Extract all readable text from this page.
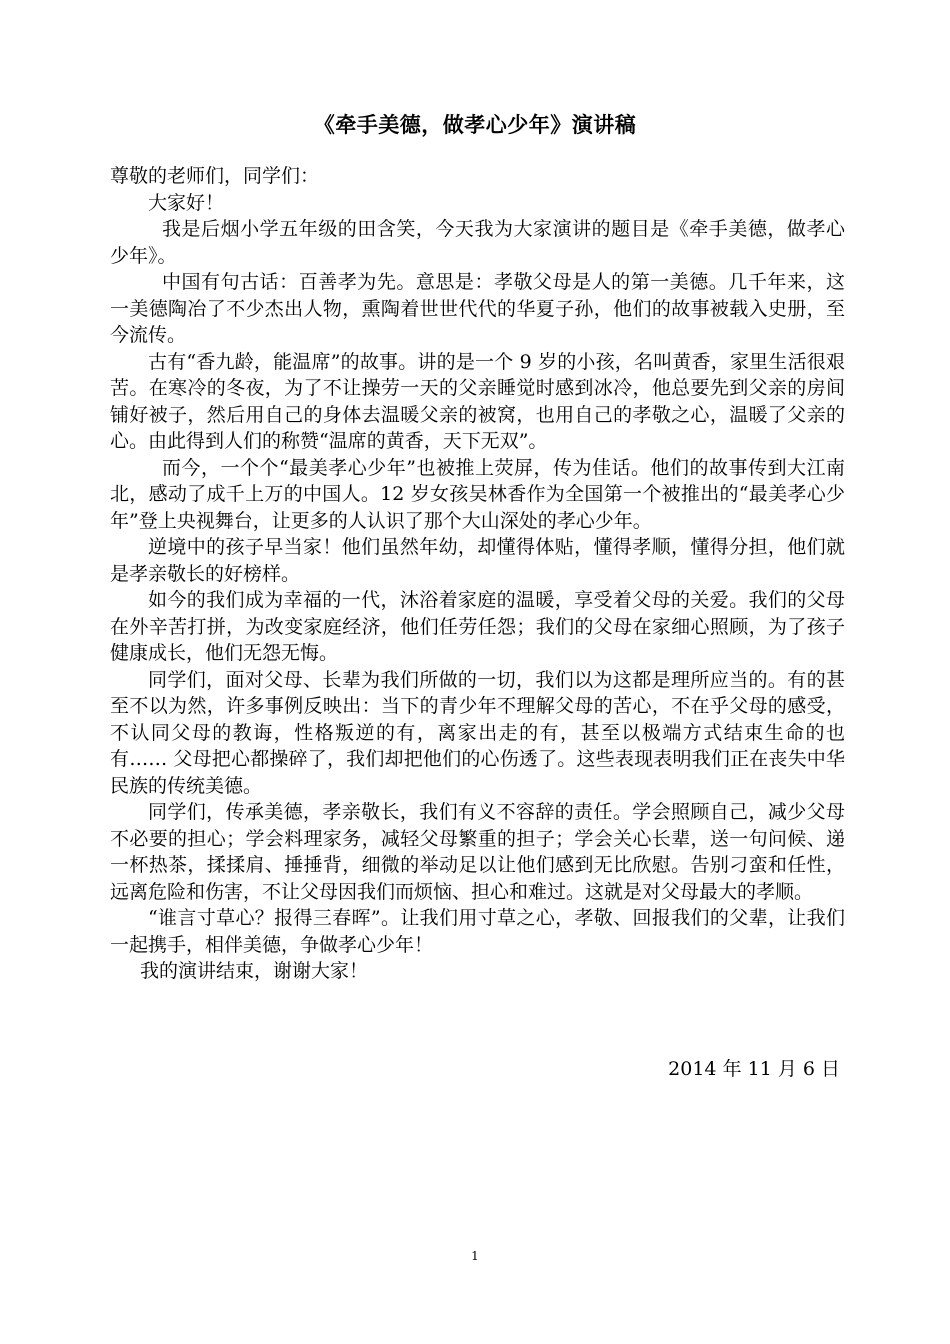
《牵手美德，做孝心少年》演讲稿

尊敬的老师们，同学们：

大家好！

我是后烟小学五年级的田含笑，今天我为大家演讲的题目是《牵手美德，做孝心少年》。

中国有句古话：百善孝为先。意思是：孝敬父母是人的第一美德。几千年来，这一美德陶冶了不少杰出人物，熏陶着世世代代的华夏子孙，他们的故事被载入史册，至今流传。

古有“香九龄，能温席”的故事。讲的是一个 9 岁的小孩，名叫黄香，家里生活很艰苦。在寒冷的冬夜，为了不让操劳一天的父亲睡觉时感到冰冷，他总要先到父亲的房间铺好被子，然后用自己的身体去温暖父亲的被窝，也用自己的孝敬之心，温暖了父亲的心。由此得到人们的称赞“温席的黄香，天下无双”。

而今，一个个“最美孝心少年”也被推上荧屏，传为佳话。他们的故事传到大江南北，感动了成千上万的中国人。12 岁女孩吴林香作为全国第一个被推出的“最美孝心少年”登上央视舞台，让更多的人认识了那个大山深处的孝心少年。

逆境中的孩子早当家！他们虽然年幼，却懂得体贴，懂得孝顺，懂得分担，他们就是孝亲敬长的好榜样。

如今的我们成为幸福的一代，沐浴着家庭的温暖，享受着父母的关爱。我们的父母在外辛苦打拼，为改变家庭经济，他们任劳任怨；我们的父母在家细心照顾，为了孩子健康成长，他们无怨无悔。

同学们，面对父母、长辈为我们所做的一切，我们以为这都是理所应当的。有的甚至不以为然，许多事例反映出：当下的青少年不理解父母的苦心，不在乎父母的感受，不认同父母的教诲，性格叛逆的有，离家出走的有，甚至以极端方式结束生命的也有…… 父母把心都操碎了，我们却把他们的心伤透了。这些表现表明我们正在丧失中华民族的传统美德。

同学们，传承美德，孝亲敬长，我们有义不容辞的责任。学会照顾自己，减少父母不必要的担心；学会料理家务，减轻父母繁重的担子；学会关心长辈，送一句问候、递一杯热茶，揉揉肩、捶捶背，细微的举动足以让他们感到无比欣慰。告别刁蛮和任性，远离危险和伤害，不让父母因我们而烦恼、担心和难过。这就是对父母最大的孝顺。

“谁言寸草心？报得三春晖”。让我们用寸草之心，孝敬、回报我们的父辈，让我们一起携手，相伴美德，争做孝心少年！

我的演讲结束，谢谢大家！

2014 年 11 月 6 日
1
